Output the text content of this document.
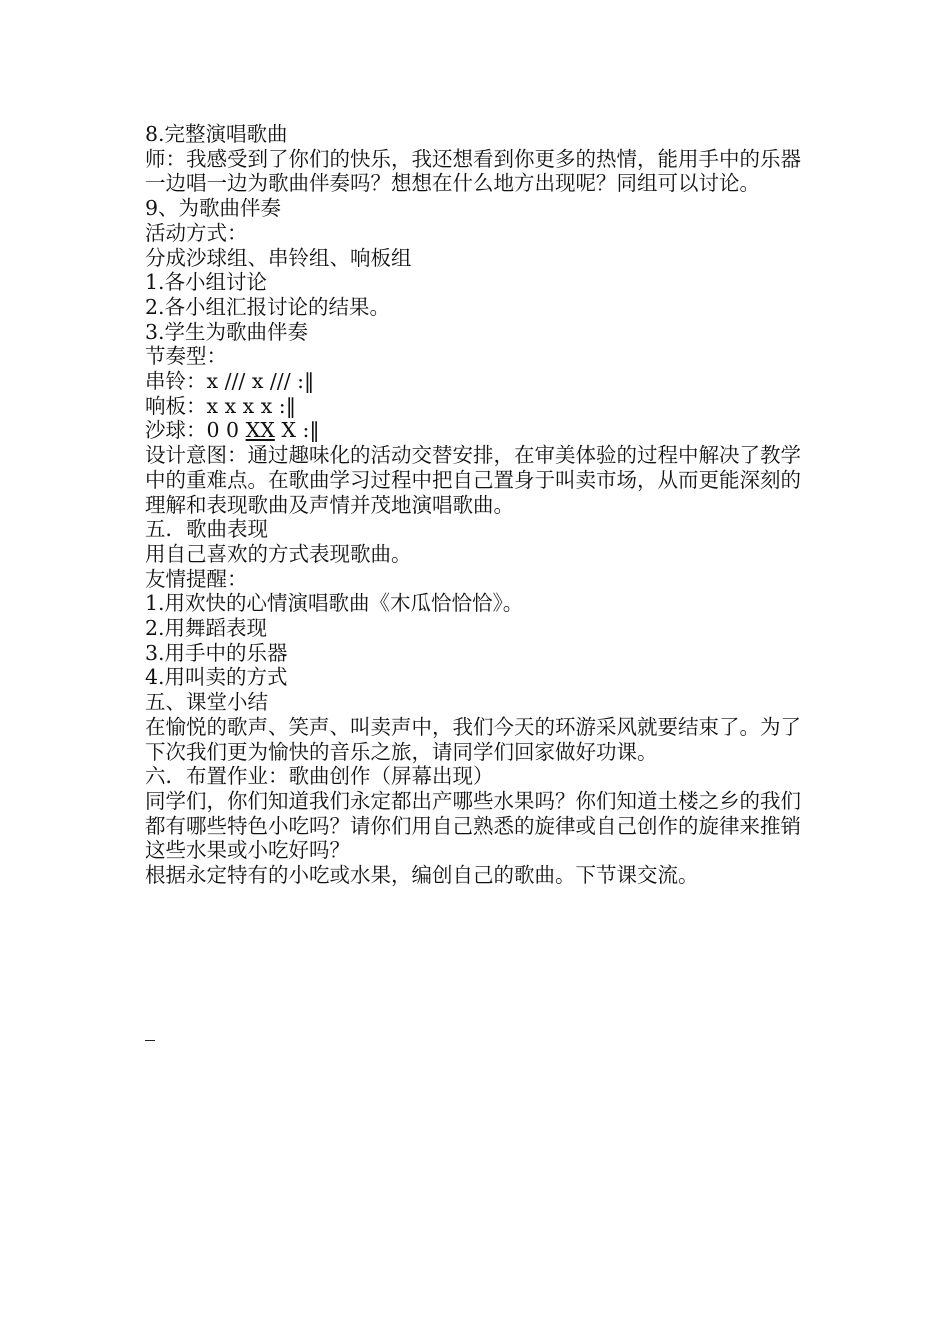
8.完整演唱歌曲

师：我感受到了你们的快乐，我还想看到你更多的热情，能用手中的乐器一边唱一边为歌曲伴奏吗？想想在什么地方出现呢？同组可以讨论。

9、为歌曲伴奏

活动方式：

分成沙球组、串铃组、响板组

1.各小组讨论

2.各小组汇报讨论的结果。

3.学生为歌曲伴奏

节奏型：

串铃：x /// x /// :‖

响板：x x x x :‖

沙球：0 0 XX X :‖

设计意图：通过趣味化的活动交替安排，在审美体验的过程中解决了教学中的重难点。在歌曲学习过程中把自己置身于叫卖市场，从而更能深刻的理解和表现歌曲及声情并茂地演唱歌曲。

五．歌曲表现

用自己喜欢的方式表现歌曲。

友情提醒：

1.用欢快的心情演唱歌曲《木瓜恰恰恰》。

2.用舞蹈表现

3.用手中的乐器

4.用叫卖的方式

五、课堂小结

在愉悦的歌声、笑声、叫卖声中，我们今天的环游采风就要结束了。为了下次我们更为愉快的音乐之旅，请同学们回家做好功课。

六．布置作业：歌曲创作（屏幕出现）

同学们，你们知道我们永定都出产哪些水果吗？你们知道土楼之乡的我们都有哪些特色小吃吗？请你们用自己熟悉的旋律或自己创作的旋律来推销这些水果或小吃好吗？

根据永定特有的小吃或水果，编创自己的歌曲。下节课交流。
